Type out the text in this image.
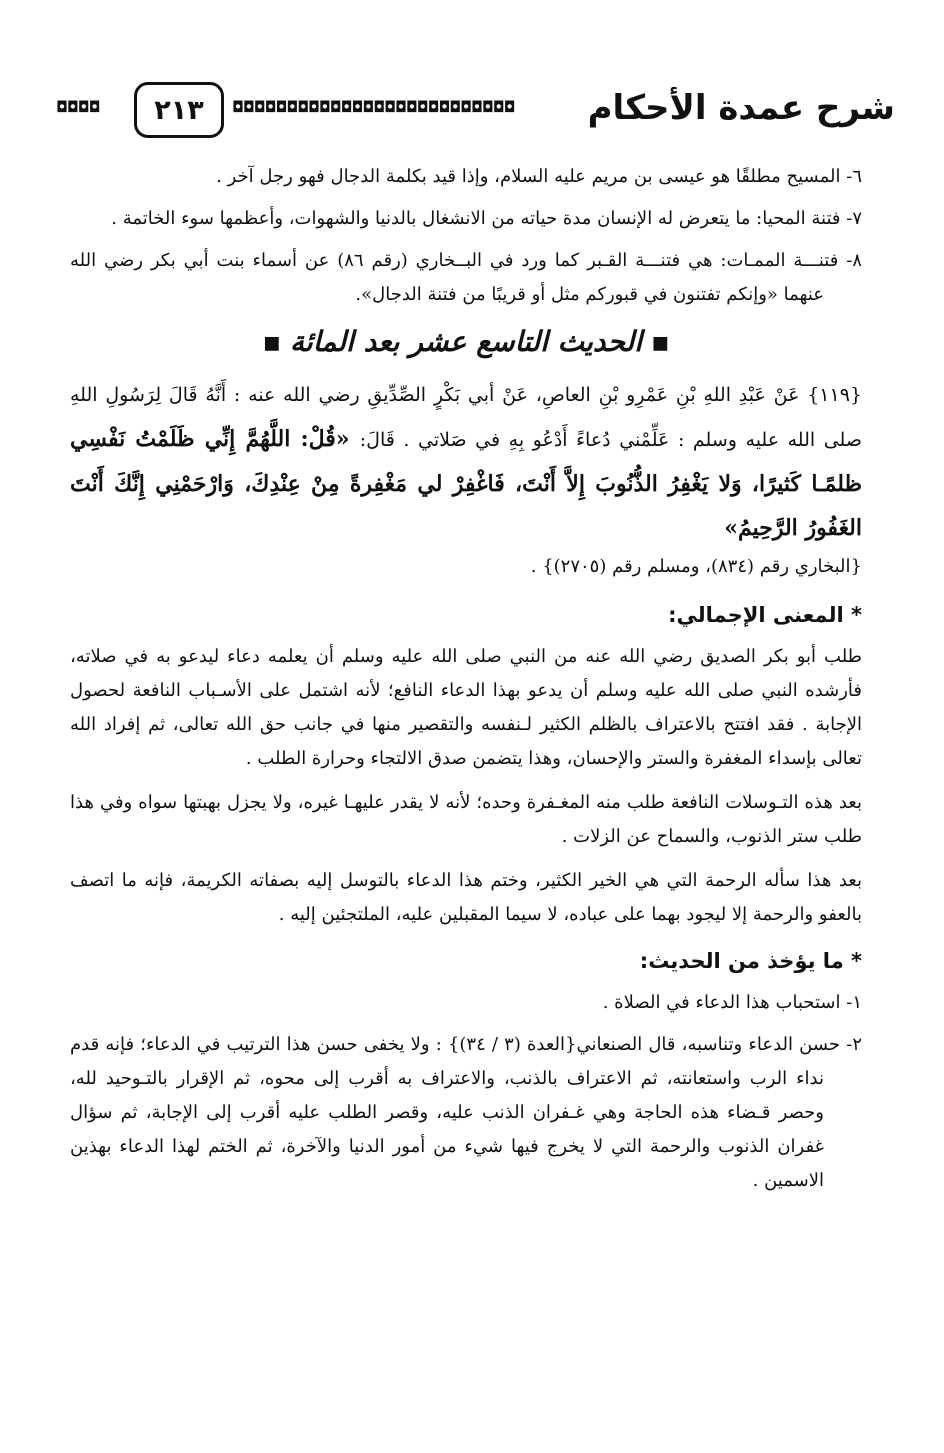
شرح عمدة الأحكام
◘◘◘◘◘◘◘◘◘◘◘◘◘◘◘◘◘◘◘◘◘◘◘◘◘◘
٢١٣
◘◘◘◘
٦- المسيح مطلقًا هو عيسى بن مريم عليه السلام، وإذا قيد بكلمة الدجال فهو رجل آخر .
٧- فتنة المحيا: ما يتعرض له الإنسان مدة حياته من الانشغال بالدنيا والشهوات، وأعظمها سوء الخاتمة .
٨- فتنـــة الممـات: هي فتنـــة القـبر كما ورد في البــخاري (رقم ٨٦) عن أسماء بنت أبي بكر رضي الله عنهما «وإنكم تفتنون في قبوركم مثل أو قريبًا من فتنة الدجال».
■ الحديث التاسع عشر بعد المائة ■

{١١٩} عَنْ عَبْدِ اللهِ بْنِ عَمْرِو بْنِ العاصِ، عَنْ أبي بَكْرٍ الصِّدِّيقِ رضي الله عنه : أَنَّهُ قَالَ لِرَسُولِ اللهِ صلى الله عليه وسلم : عَلِّمْني دُعاءً أَدْعُو بِهِ في صَلاتي . قَالَ: «قُلْ: اللَّهُمَّ إِنِّي ظَلَمْتُ نَفْسِي ظلمًـا كَثيرًا، وَلا يَغْفِرُ الذُّنُوبَ إِلاَّ أَنْتَ، فَاغْفِرْ لي مَغْفِرةً مِنْ عِنْدِكَ، وَارْحَمْنِي إِنَّكَ أَنْتَ الغَفُورُ الرَّحِيمُ»

{البخاري رقم (٨٣٤)، ومسلم رقم (٢٧٠٥)} .
* المعنى الإجمالي:

طلب أبو بكر الصديق رضي الله عنه من النبي صلى الله عليه وسلم أن يعلمه دعاء ليدعو به في صلاته، فأرشده النبي صلى الله عليه وسلم أن يدعو بهذا الدعاء النافع؛ لأنه اشتمل على الأسـباب النافعة لحصول الإجابة . فقد افتتح بالاعتراف بالظلم الكثير لـنفسه والتقصير منها في جانب حق الله تعالى، ثم إفراد الله تعالى بإسداء المغفرة والستر والإحسان، وهذا يتضمن صدق الالتجاء وحرارة الطلب .

بعد هذه التـوسلات النافعة طلب منه المغـفرة وحده؛ لأنه لا يقدر عليهـا غيره، ولا يجزل بهبتها سواه وفي هذا طلب ستر الذنوب، والسماح عن الزلات .

بعد هذا سأله الرحمة التي هي الخير الكثير، وختم هذا الدعاء بالتوسل إليه بصفاته الكريمة، فإنه ما اتصف بالعفو والرحمة إلا ليجود بهما على عباده، لا سيما المقبلين عليه، الملتجئين إليه .

* ما يؤخذ من الحديث:
١- استحباب هذا الدعاء في الصلاة .
٢- حسن الدعاء وتناسبه، قال الصنعاني{العدة (٣ / ٣٤)} : ولا يخفى حسن هذا الترتيب في الدعاء؛ فإنه قدم نداء الرب واستعانته، ثم الاعتراف بالذنب، والاعتراف به أقرب إلى محوه، ثم الإقرار بالتـوحيد لله، وحصر قـضاء هذه الحاجة وهي غـفران الذنب عليه، وقصر الطلب عليه أقرب إلى الإجابة، ثم سؤال غفران الذنوب والرحمة التي لا يخرج فيها شيء من أمور الدنيا والآخرة، ثم الختم لهذا الدعاء بهذين الاسمين .
